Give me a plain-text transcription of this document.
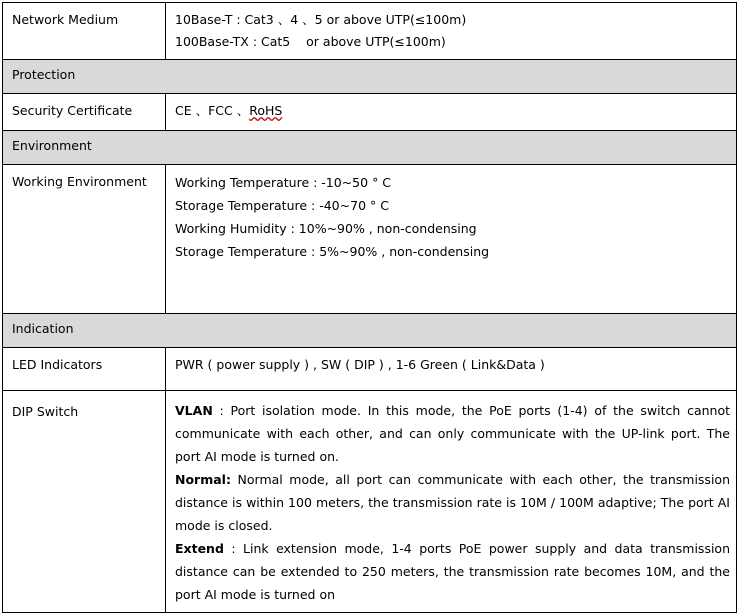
Network Medium	10Base-T : Cat3 、4 、5 or above UTP(≤100m)
100Base-TX : Cat5    or above UTP(≤100m)

Protection	
Security Certificate	CE 、FCC 、RoHS
Environment	
Working Environment	Working Temperature : -10~50 ° C
Storage Temperature : -40~70 ° C
Working Humidity : 10%~90% , non-condensing
Storage Temperature : 5%~90% , non-condensing

Indication	
LED Indicators	PWR ( power supply ) , SW ( DIP ) , 1-6 Green ( Link&Data )
DIP Switch	VLAN : Port isolation mode. In this mode, the PoE ports (1-4) of the switch cannot communicate with each other, and can only communicate with the UP-link port. The port AI mode is turned on.
Normal: Normal mode, all port can communicate with each other, the transmission distance is within 100 meters, the transmission rate is 10M / 100M adaptive; The port AI mode is closed.
Extend : Link extension mode, 1-4 ports PoE power supply and data transmission distance can be extended to 250 meters, the transmission rate becomes 10M, and the port AI mode is turned on
